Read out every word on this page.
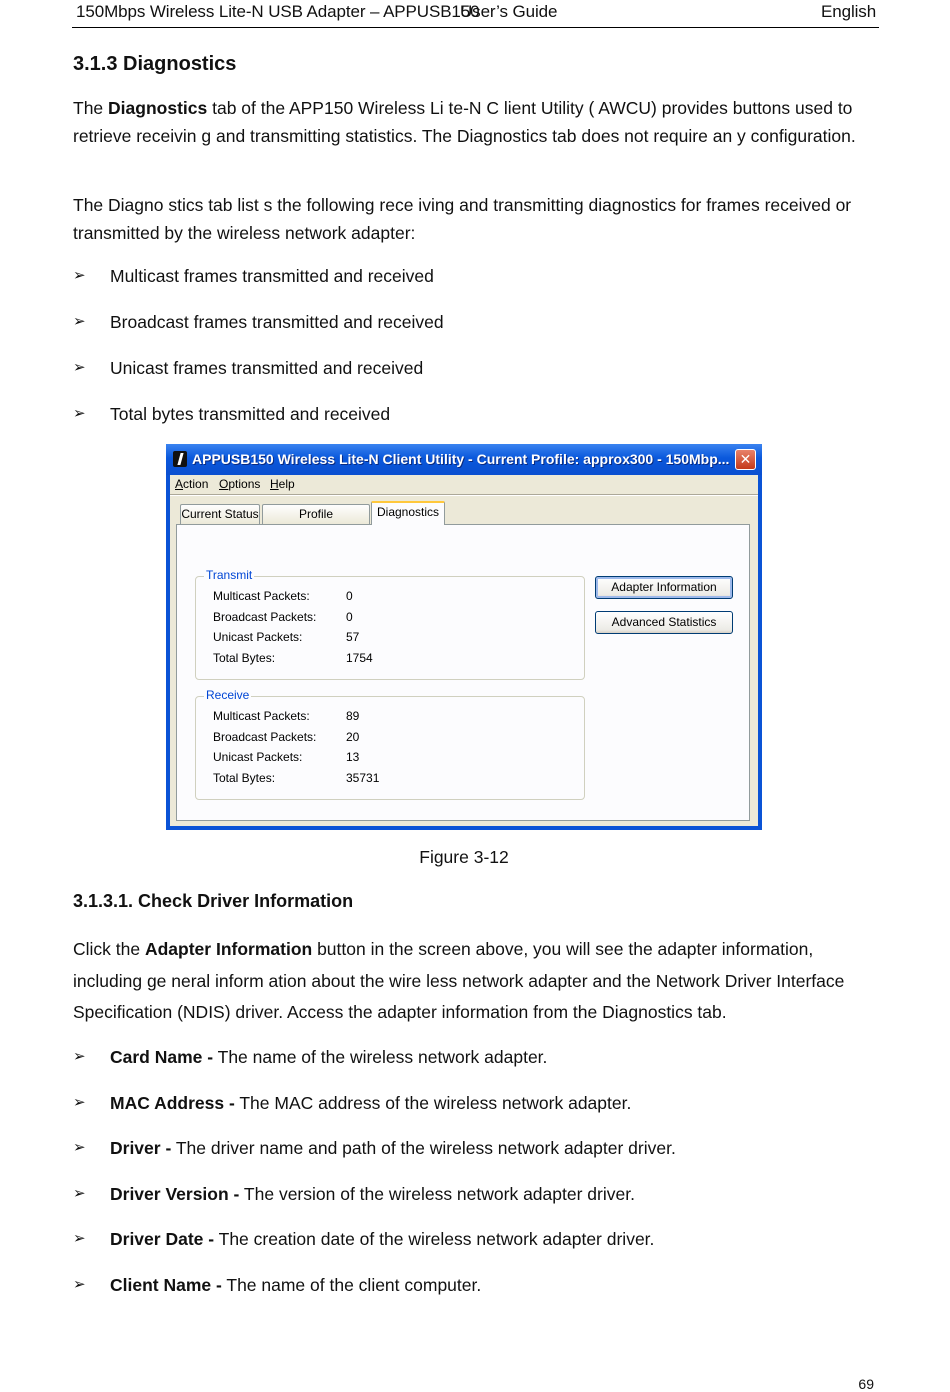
150Mbps Wireless Lite-N USB Adapter – APPUSB150
User’s Guide	English
3.1.3 Diagnostics

The Diagnostics tab of the APP150 Wireless Li te-N C lient Utility ( AWCU) provides buttons used to retrieve receivin g and transmitting statistics. The Diagnostics tab does not require an y configuration.

The Diagno stics tab list s the following rece iving and transmitting diagnostics for frames received or transmitted by the wireless network adapter:

➢	Multicast frames transmitted and received
➢	Broadcast frames transmitted and received
➢	Unicast frames transmitted and received
➢	Total bytes transmitted and received
APPUSB150 Wireless Lite-N Client Utility - Current Profile: approx300 - 150Mbp... ✕
Action Options Help
Current Status	Profile	Diagnostics
Transmit
Multicast Packets:	0
Broadcast Packets: 0
Unicast Packets:	57
Total Bytes:	1754
Receive
Multicast Packets:	89
Broadcast Packets: 20
Unicast Packets:	13
Total Bytes:	35731
Adapter Information
Advanced Statistics
Figure 3-12
3.1.3.1. Check Driver Information

Click the Adapter Information button in the screen above, you will see the adapter information, including ge neral inform ation about the wire less network adapter and the Network Driver Interface Specification (NDIS) driver. Access the adapter information from the Diagnostics tab.

➢	Card Name - The name of the wireless network adapter.
➢	MAC Address - The MAC address of the wireless network adapter.
➢	Driver - The driver name and path of the wireless network adapter driver.
➢	Driver Version - The version of the wireless network adapter driver.
➢	Driver Date - The creation date of the wireless network adapter driver.
➢	Client Name - The name of the client computer.
69
